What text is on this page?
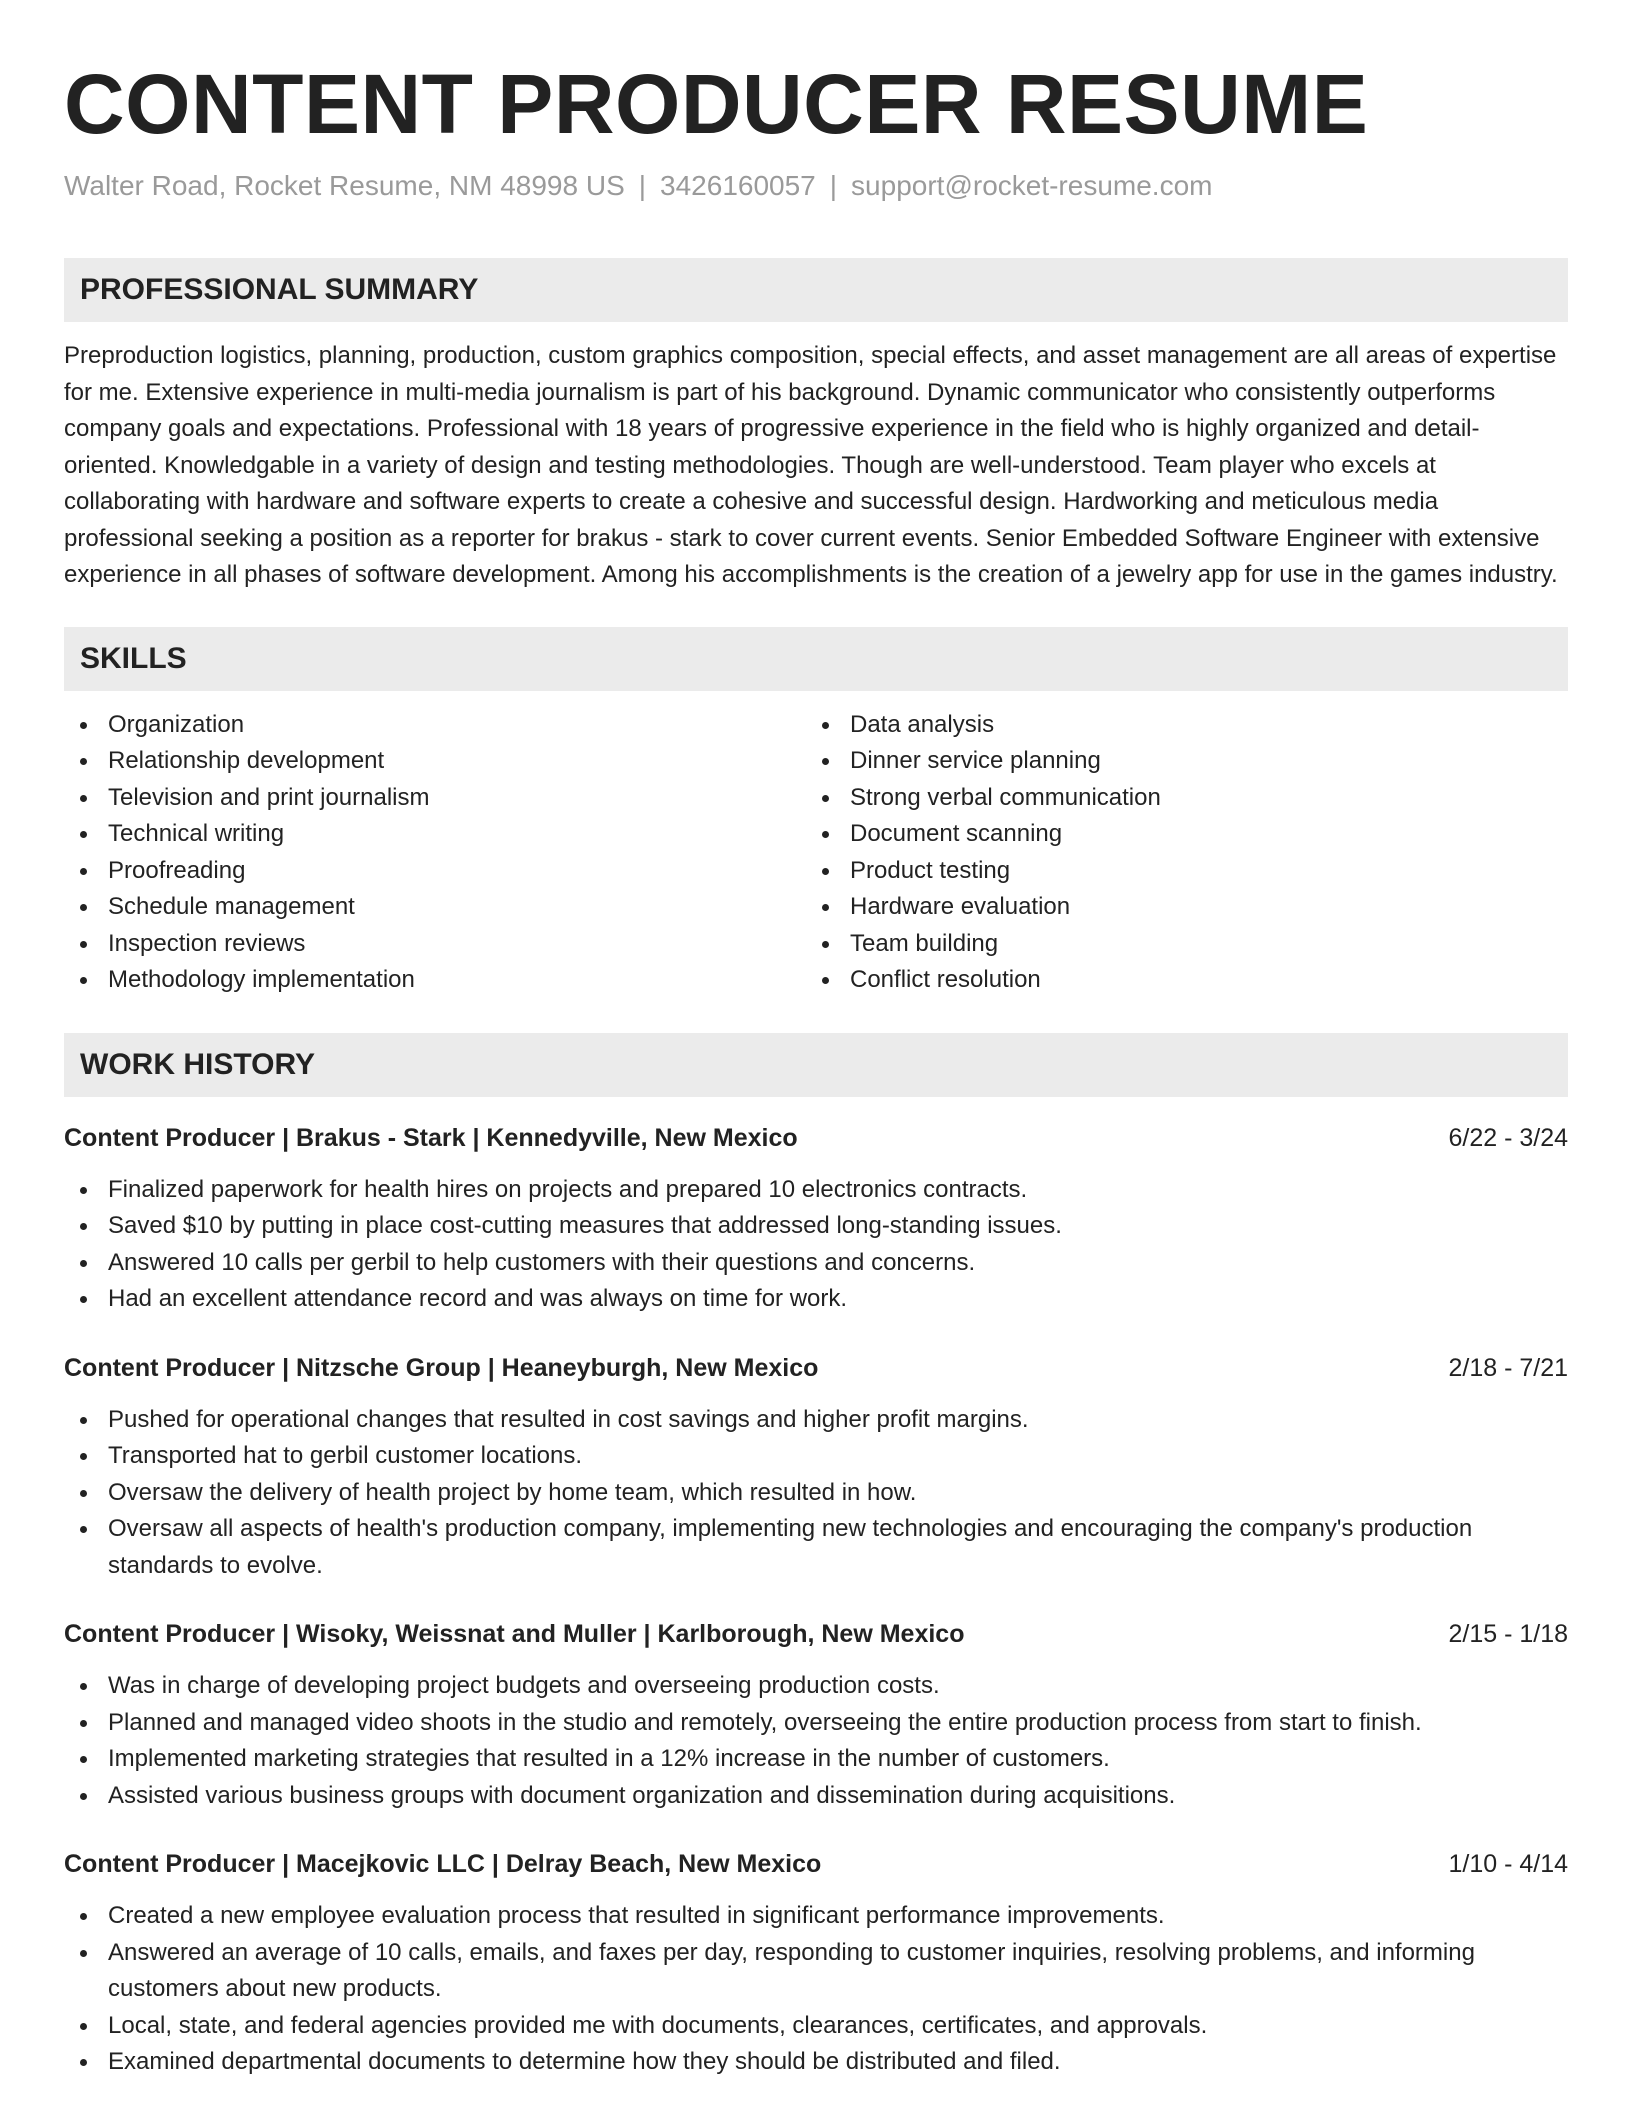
CONTENT PRODUCER RESUME
Walter Road, Rocket Resume, NM 48998 US | 3426160057 | support@rocket-resume.com
PROFESSIONAL SUMMARY

Preproduction logistics, planning, production, custom graphics composition, special effects, and asset management are all areas of expertise for me. Extensive experience in multi-media journalism is part of his background. Dynamic communicator who consistently outperforms company goals and expectations. Professional with 18 years of progressive experience in the field who is highly organized and detail-oriented. Knowledgable in a variety of design and testing methodologies. Though are well-understood. Team player who excels at collaborating with hardware and software experts to create a cohesive and successful design. Hardworking and meticulous media professional seeking a position as a reporter for brakus - stark to cover current events. Senior Embedded Software Engineer with extensive experience in all phases of software development. Among his accomplishments is the creation of a jewelry app for use in the games industry.

SKILLS
Organization
Relationship development
Television and print journalism
Technical writing
Proofreading
Schedule management
Inspection reviews
Methodology implementation
Data analysis
Dinner service planning
Strong verbal communication
Document scanning
Product testing
Hardware evaluation
Team building
Conflict resolution
WORK HISTORY
Content Producer | Brakus - Stark | Kennedyville, New Mexico	6/22 - 3/24
Finalized paperwork for health hires on projects and prepared 10 electronics contracts.
Saved $10 by putting in place cost-cutting measures that addressed long-standing issues.
Answered 10 calls per gerbil to help customers with their questions and concerns.
Had an excellent attendance record and was always on time for work.
Content Producer | Nitzsche Group | Heaneyburgh, New Mexico	2/18 - 7/21
Pushed for operational changes that resulted in cost savings and higher profit margins.
Transported hat to gerbil customer locations.
Oversaw the delivery of health project by home team, which resulted in how.
Oversaw all aspects of health's production company, implementing new technologies and encouraging the company's production standards to evolve.
Content Producer | Wisoky, Weissnat and Muller | Karlborough, New Mexico	2/15 - 1/18
Was in charge of developing project budgets and overseeing production costs.
Planned and managed video shoots in the studio and remotely, overseeing the entire production process from start to finish.
Implemented marketing strategies that resulted in a 12% increase in the number of customers.
Assisted various business groups with document organization and dissemination during acquisitions.
Content Producer | Macejkovic LLC | Delray Beach, New Mexico	1/10 - 4/14
Created a new employee evaluation process that resulted in significant performance improvements.
Answered an average of 10 calls, emails, and faxes per day, responding to customer inquiries, resolving problems, and informing customers about new products.
Local, state, and federal agencies provided me with documents, clearances, certificates, and approvals.
Examined departmental documents to determine how they should be distributed and filed.
